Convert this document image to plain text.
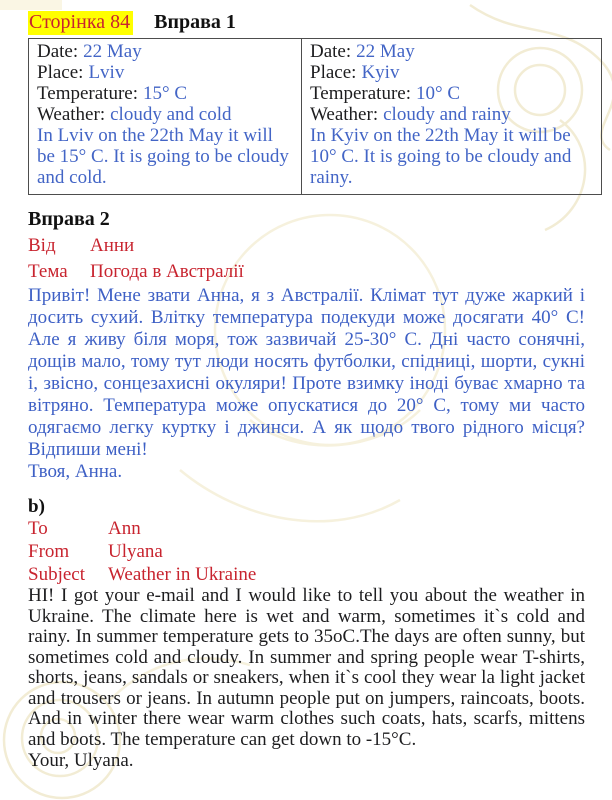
Сторінка 84 Вправа 1
Date: 22 May
Place: Lviv
Temperature: 15° C
Weather: cloudy and cold
In Lviv on the 22th May it will be 15° C. It is going to be cloudy and cold.

Date: 22 May
Place: Kyiv
Temperature: 10° C
Weather: cloudy and rainy
In Kyiv on the 22th May it will be 10° C. It is going to be cloudy and rainy.
Вправа 2
Від Анни
Тема Погода в Австралії

Привіт! Мене звати Анна, я з Австралії. Клімат тут дуже жаркий і досить сухий. Влітку температура подекуди може досягати 40° С! Але я живу біля моря, тож зазвичай 25-30° С. Дні часто сонячні, дощів мало, тому тут люди носять футболки, спідниці, шорти, сукні і, звісно, сонцезахисні окуляри! Проте взимку іноді буває хмарно та вітряно. Температура може опускатися до 20° С, тому ми часто одягаємо легку куртку і джинси. А як щодо твого рідного місця? Відпиши мені!

Твоя, Анна.

b)
To	Ann
From Ulyana
Subject Weather in Ukraine

HI! I got your e-mail and I would like to tell you about the weather in Ukraine. The climate here is wet and warm, sometimes it`s cold and rainy. In summer temperature gets to 35oC.The days are often sunny, but sometimes cold and cloudy. In summer and spring people wear T-shirts, shorts, jeans, sandals or sneakers, when it`s cool they wear la light jacket and trousers or jeans. In autumn people put on jumpers, raincoats, boots. And in winter there wear warm clothes such coats, hats, scarfs, mittens and boots. The temperature can get down to -15°C.

Your, Ulyana.
